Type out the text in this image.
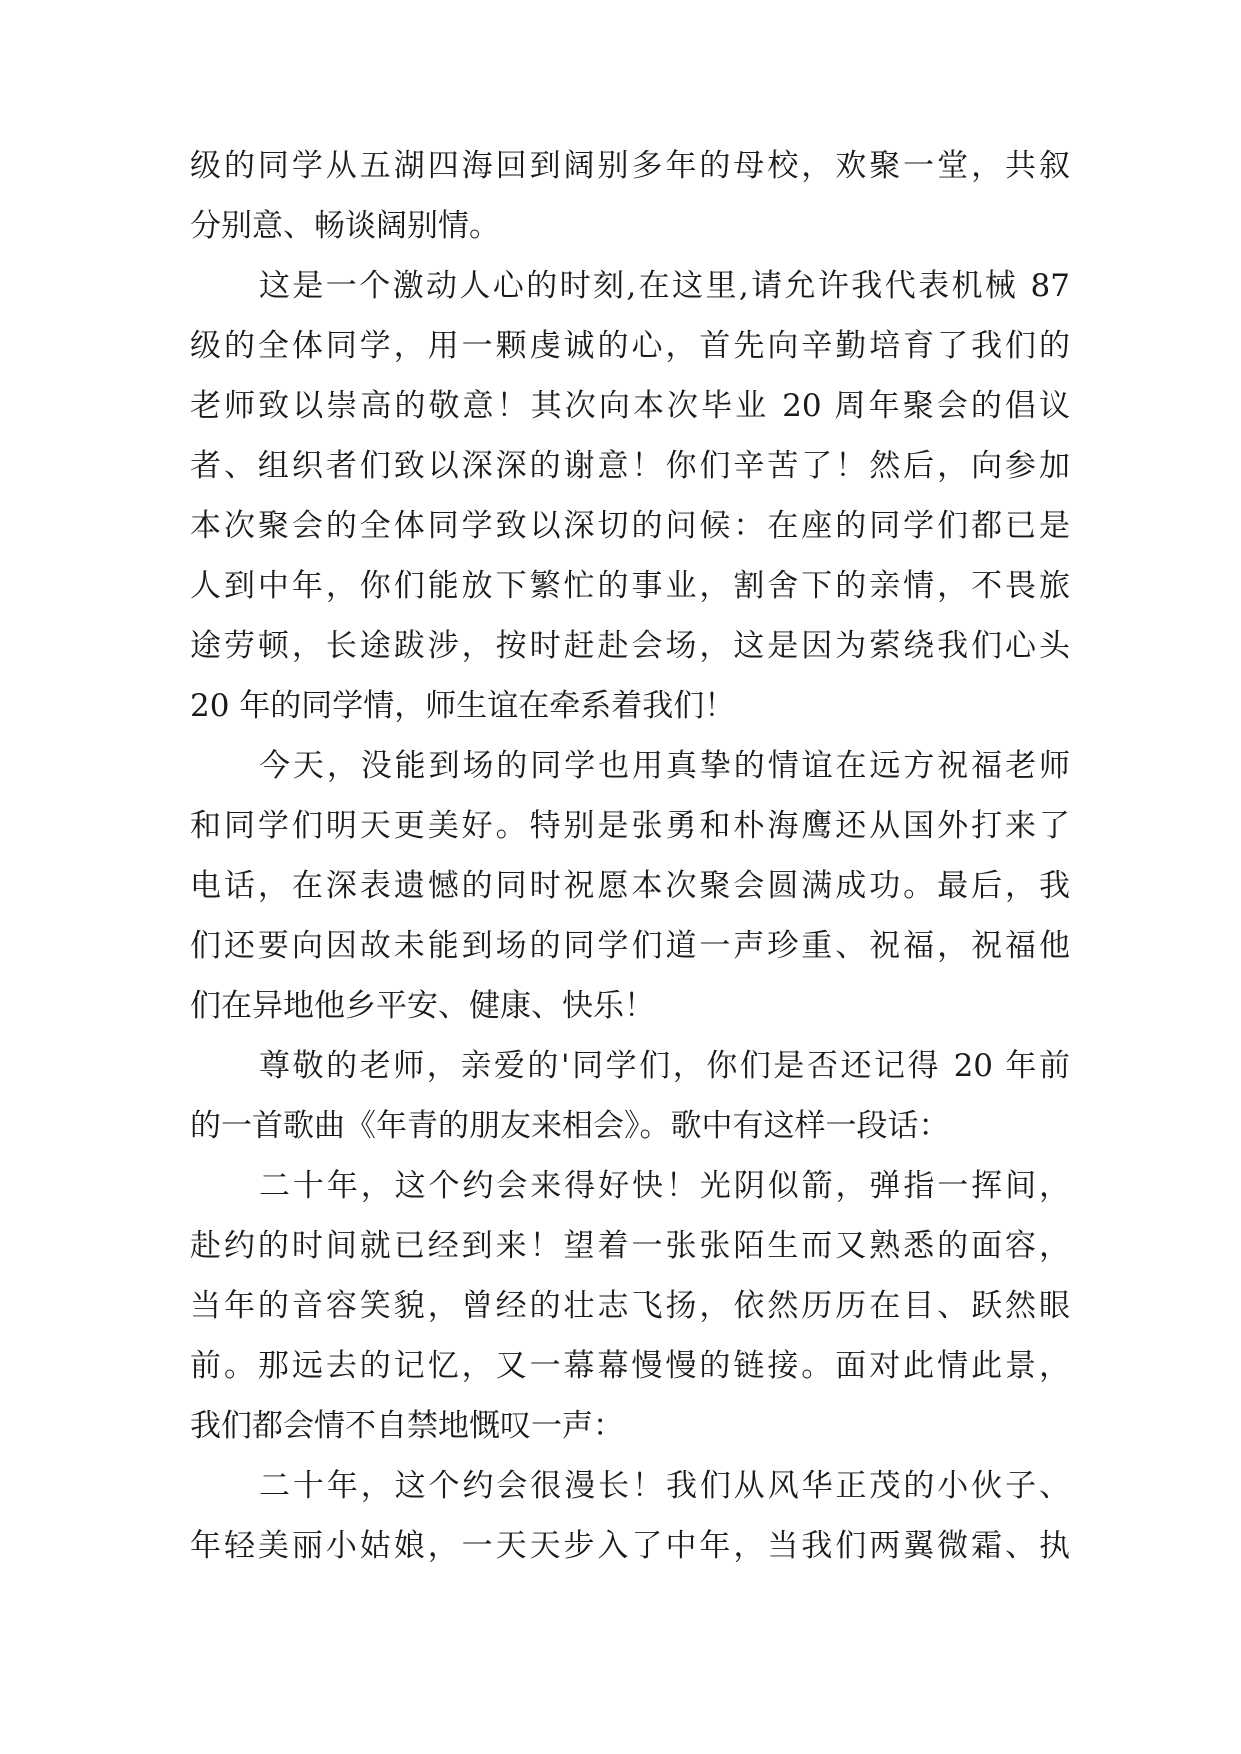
级的同学从五湖四海回到阔别多年的母校，欢聚一堂，共叙
分别意、畅谈阔别情。
这是一个激动人心的时刻,在这里,请允许我代表机械 87
级的全体同学，用一颗虔诚的心，首先向辛勤培育了我们的
老师致以崇高的敬意！其次向本次毕业 20 周年聚会的倡议
者、组织者们致以深深的谢意！你们辛苦了！然后，向参加
本次聚会的全体同学致以深切的问候：在座的同学们都已是
人到中年，你们能放下繁忙的事业，割舍下的亲情，不畏旅
途劳顿，长途跋涉，按时赶赴会场，这是因为萦绕我们心头
20 年的同学情，师生谊在牵系着我们！
今天，没能到场的同学也用真挚的情谊在远方祝福老师
和同学们明天更美好。特别是张勇和朴海鹰还从国外打来了
电话，在深表遗憾的同时祝愿本次聚会圆满成功。最后，我
们还要向因故未能到场的同学们道一声珍重、祝福，祝福他
们在异地他乡平安、健康、快乐！
尊敬的老师，亲爱的'同学们，你们是否还记得 20 年前
的一首歌曲《年青的朋友来相会》。歌中有这样一段话：
二十年，这个约会来得好快！光阴似箭，弹指一挥间，
赴约的时间就已经到来！望着一张张陌生而又熟悉的面容，
当年的音容笑貌，曾经的壮志飞扬，依然历历在目、跃然眼
前。那远去的记忆，又一幕幕慢慢的链接。面对此情此景，
我们都会情不自禁地慨叹一声：
二十年，这个约会很漫长！我们从风华正茂的小伙子、
年轻美丽小姑娘，一天天步入了中年，当我们两翼微霜、执
